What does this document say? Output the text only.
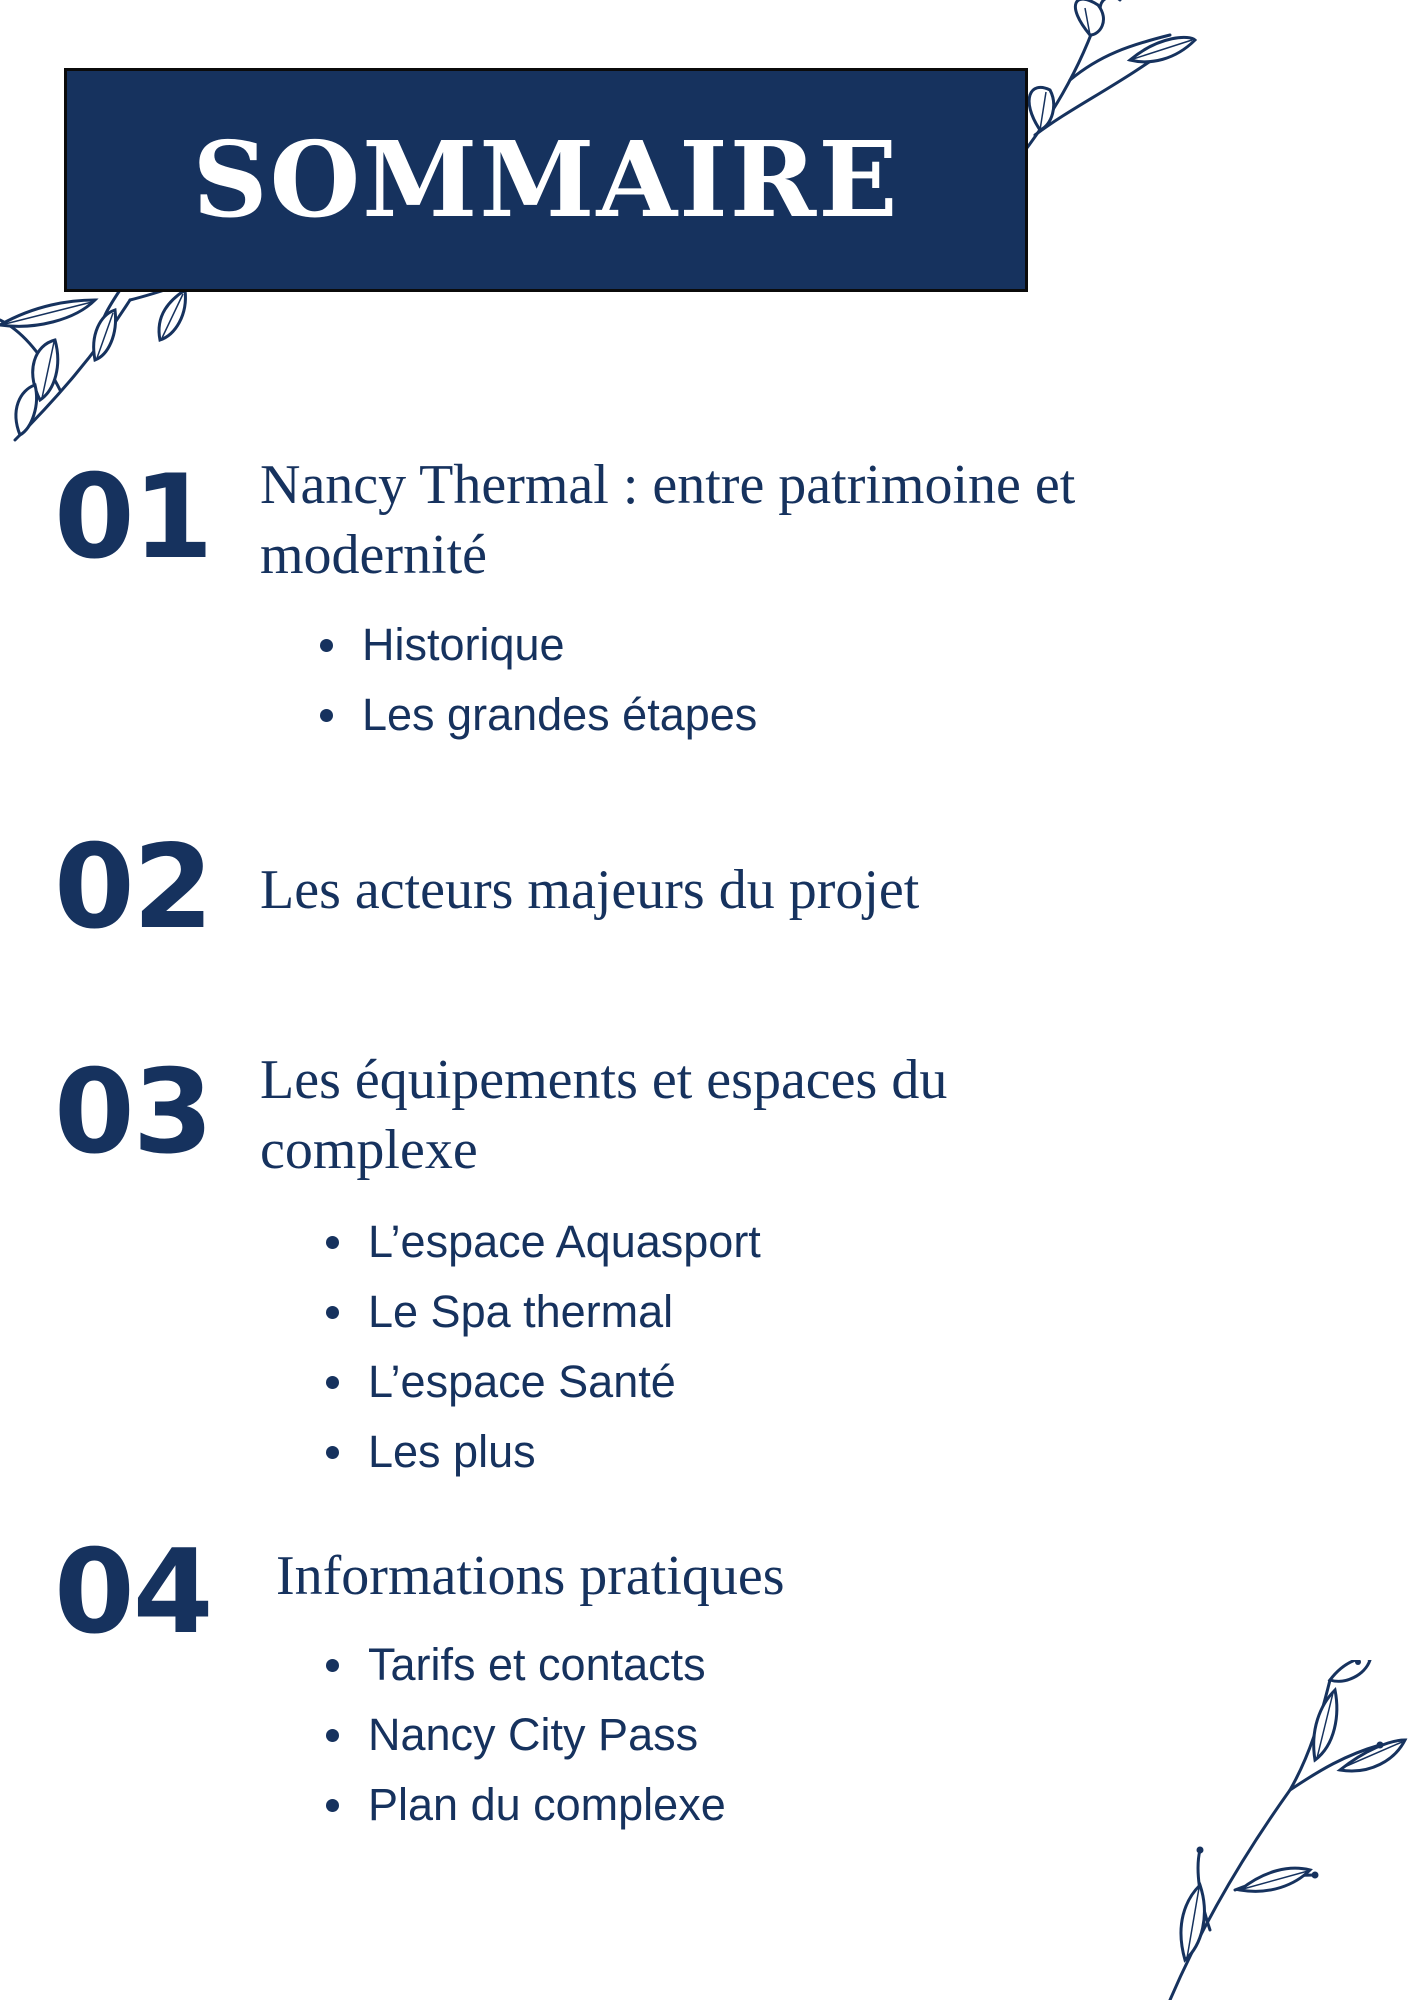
SOMMAIRE
01 Nancy Thermal : entre patrimoine et
modernité

Historique
Les grandes étapes
02 Les acteurs majeurs du projet

03 Les équipements et espaces du
complexe

L’espace Aquasport
Le Spa thermal
L’espace Santé
Les plus
04 Informations pratiques

Tarifs et contacts
Nancy City Pass
Plan du complexe
